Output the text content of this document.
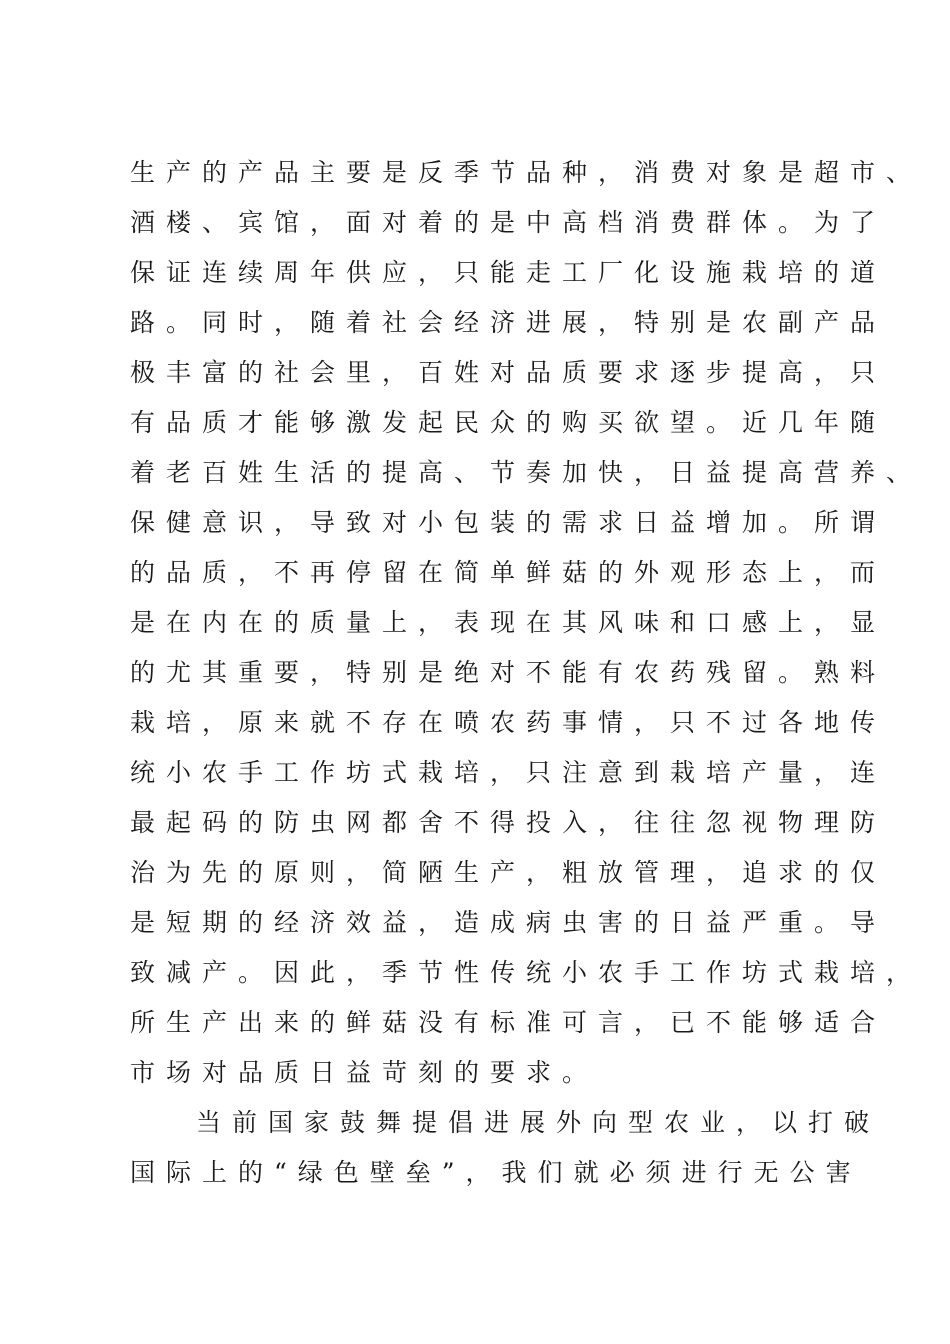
生产的产品主要是反季节品种，消费对象是超市、
酒楼、宾馆，面对着的是中高档消费群体。为了
保证连续周年供应，只能走工厂化设施栽培的道
路。同时，随着社会经济进展，特别是农副产品
极丰富的社会里，百姓对品质要求逐步提高，只
有品质才能够激发起民众的购买欲望。近几年随
着老百姓生活的提高、节奏加快，日益提高营养、
保健意识，导致对小包装的需求日益增加。所谓
的品质，不再停留在简单鲜菇的外观形态上，而
是在内在的质量上，表现在其风味和口感上，显
的尤其重要，特别是绝对不能有农药残留。熟料
栽培，原来就不存在喷农药事情，只不过各地传
统小农手工作坊式栽培，只注意到栽培产量，连
最起码的防虫网都舍不得投入，往往忽视物理防
治为先的原则，简陋生产，粗放管理，追求的仅
是短期的经济效益，造成病虫害的日益严重。导
致减产。因此，季节性传统小农手工作坊式栽培，
所生产出来的鲜菇没有标准可言，已不能够适合
市场对品质日益苛刻的要求。
当前国家鼓舞提倡进展外向型农业，以打破
国际上的“绿色壁垒”，我们就必须进行无公害
